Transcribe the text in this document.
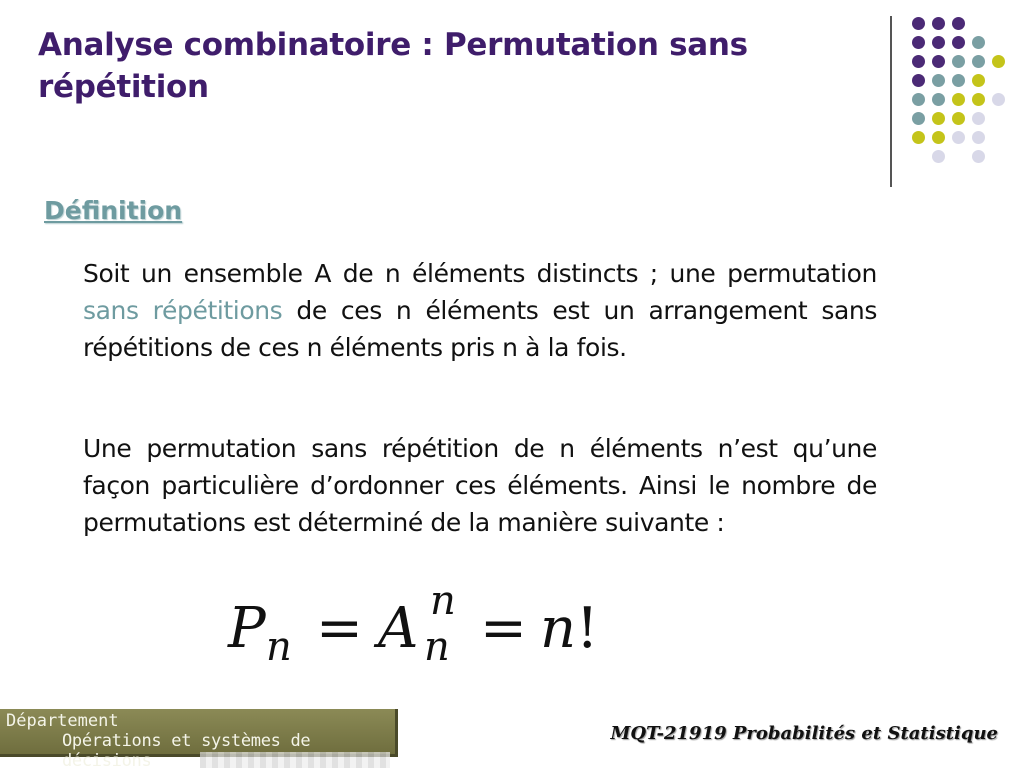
Analyse combinatoire : Permutation sans répétition
Définition
Soit un ensemble A de n éléments distincts ; une permutation sans répétitions de ces n éléments est un arrangement sans répétitions de ces n éléments pris n à la fois.
Une permutation sans répétition de n éléments n’est qu’une façon particulière d’ordonner ces éléments. Ainsi le nombre de permutations est déterminé de la manière suivante :
P n = A n
n = n !
Département
Opérations et systèmes de décisions
MQT-21919 Probabilités et Statistique
